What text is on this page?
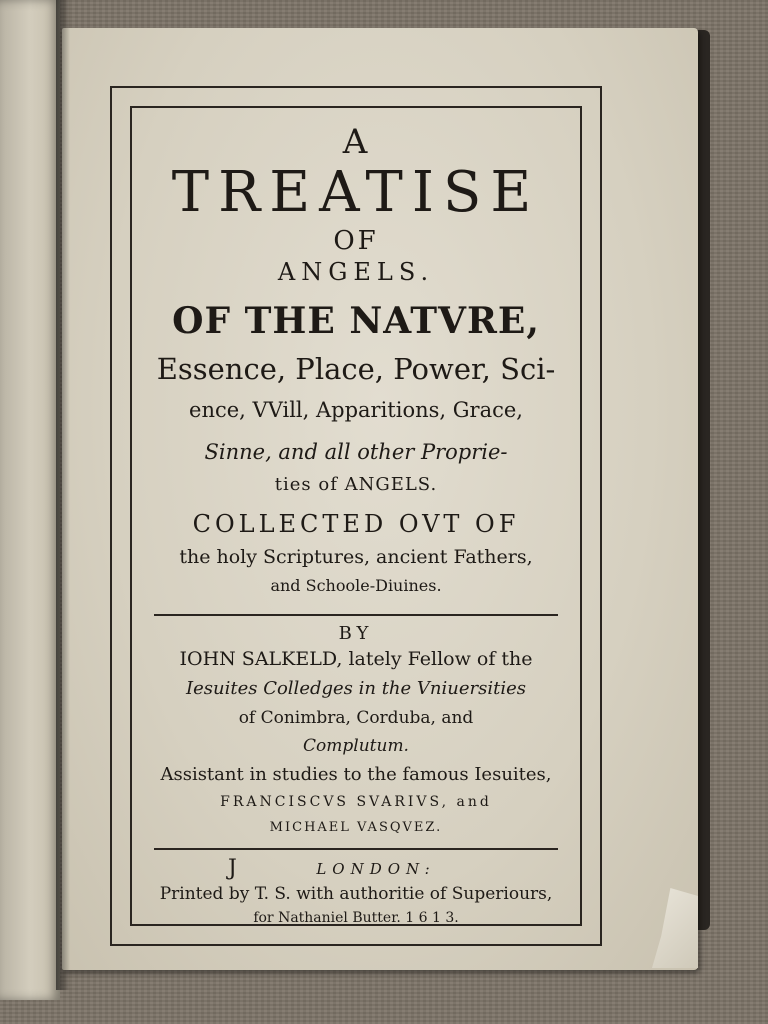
A
TREATISE
OF
ANGELS.
OF THE NATVRE,
Essence, Place, Power, Sci-
ence, VVill, Apparitions, Grace,
Sinne, and all other Proprie-
ties of ANGELS.
COLLECTED OVT OF
the holy Scriptures, ancient Fathers,
and Schoole-Diuines.
BY
IOHN SALKELD, lately Fellow of the
Iesuites Colledges in the Vniuersities
of Conimbra, Corduba, and
Complutum.
Assistant in studies to the famous Iesuites,
FRANCISCVS SVARIVS, and
MICHAEL VASQVEZ.
J	LONDON:
Printed by T. S. with authoritie of Superiours,
for Nathaniel Butter. 1 6 1 3.
